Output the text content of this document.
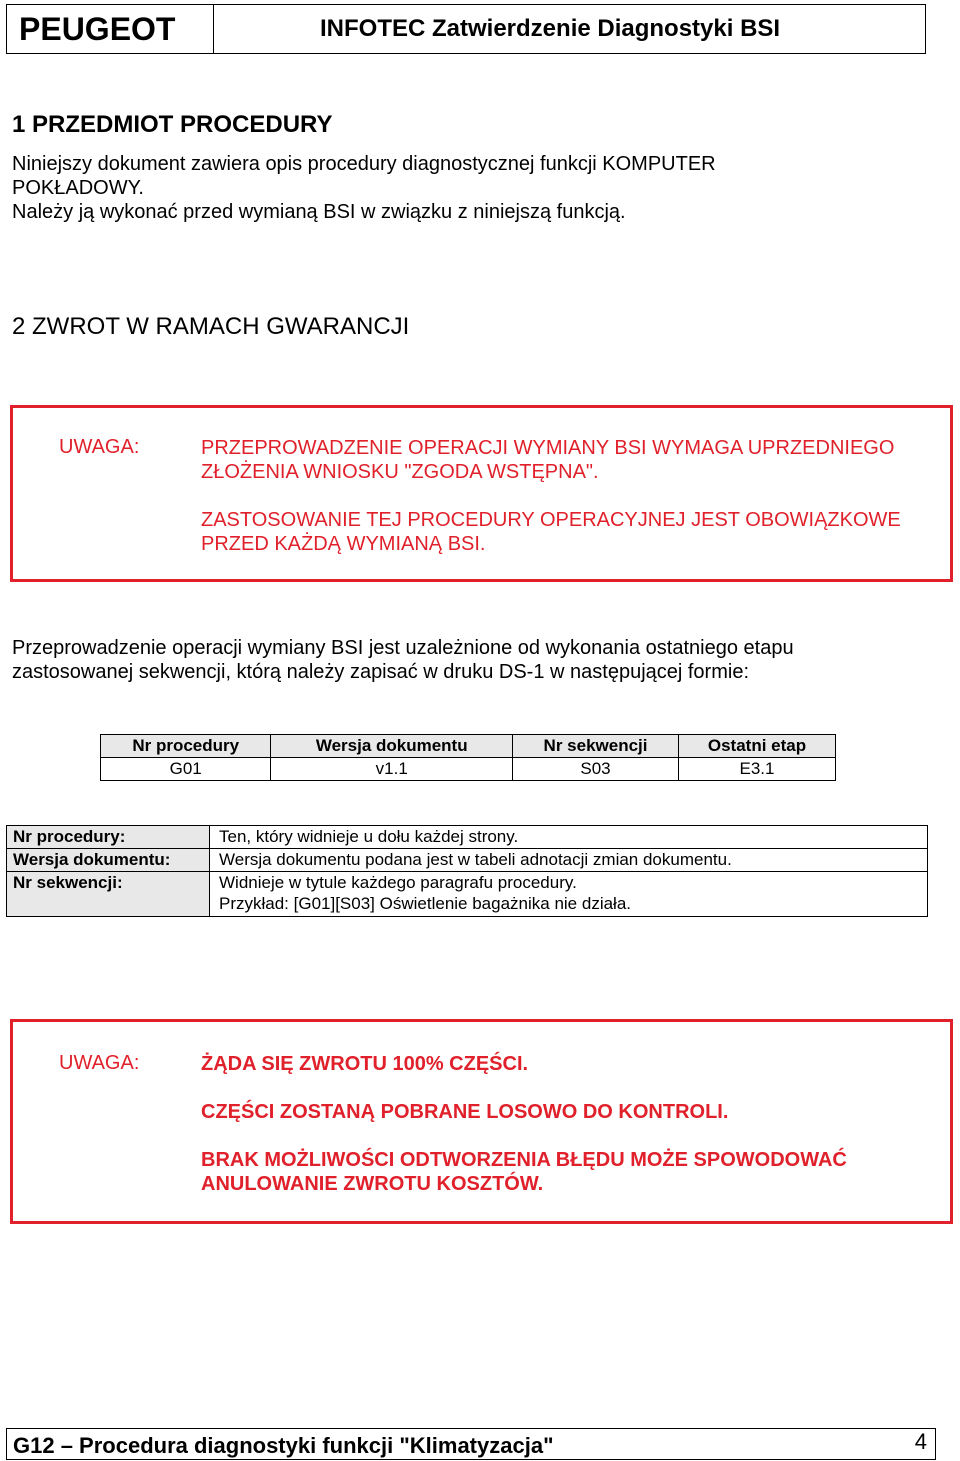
PEUGEOT	INFOTEC Zatwierdzenie Diagnostyki BSI
1 PRZEDMIOT PROCEDURY
Niniejszy dokument zawiera opis procedury diagnostycznej funkcji KOMPUTER
POKŁADOWY.
Należy ją wykonać przed wymianą BSI w związku z niniejszą funkcją.
2 ZWROT W RAMACH GWARANCJI
UWAGA:	PRZEPROWADZENIE OPERACJI WYMIANY BSI WYMAGA UPRZEDNIEGO
ZŁOŻENIA WNIOSKU "ZGODA WSTĘPNA".
ZASTOSOWANIE TEJ PROCEDURY OPERACYJNEJ JEST OBOWIĄZKOWE
PRZED KAŻDĄ WYMIANĄ BSI.
Przeprowadzenie operacji wymiany BSI jest uzależnione od wykonania ostatniego etapu
zastosowanej sekwencji, którą należy zapisać w druku DS-1 w następującej formie:
Nr procedury	Wersja dokumentu	Nr sekwencji	Ostatni etap
G01	v1.1	S03	E3.1
Nr procedury:	Ten, który widnieje u dołu każdej strony.
Wersja dokumentu:	Wersja dokumentu podana jest w tabeli adnotacji zmian dokumentu.
Nr sekwencji:	Widnieje w tytule każdego paragrafu procedury.
Przykład: [G01][S03] Oświetlenie bagażnika nie działa.
UWAGA:	ŻĄDA SIĘ ZWROTU 100% CZĘŚCI.
CZĘŚCI ZOSTANĄ POBRANE LOSOWO DO KONTROLI.
BRAK MOŻLIWOŚCI ODTWORZENIA BŁĘDU MOŻE SPOWODOWAĆ
ANULOWANIE ZWROTU KOSZTÓW.
G12 – Procedura diagnostyki funkcji "Klimatyzacja"	4
